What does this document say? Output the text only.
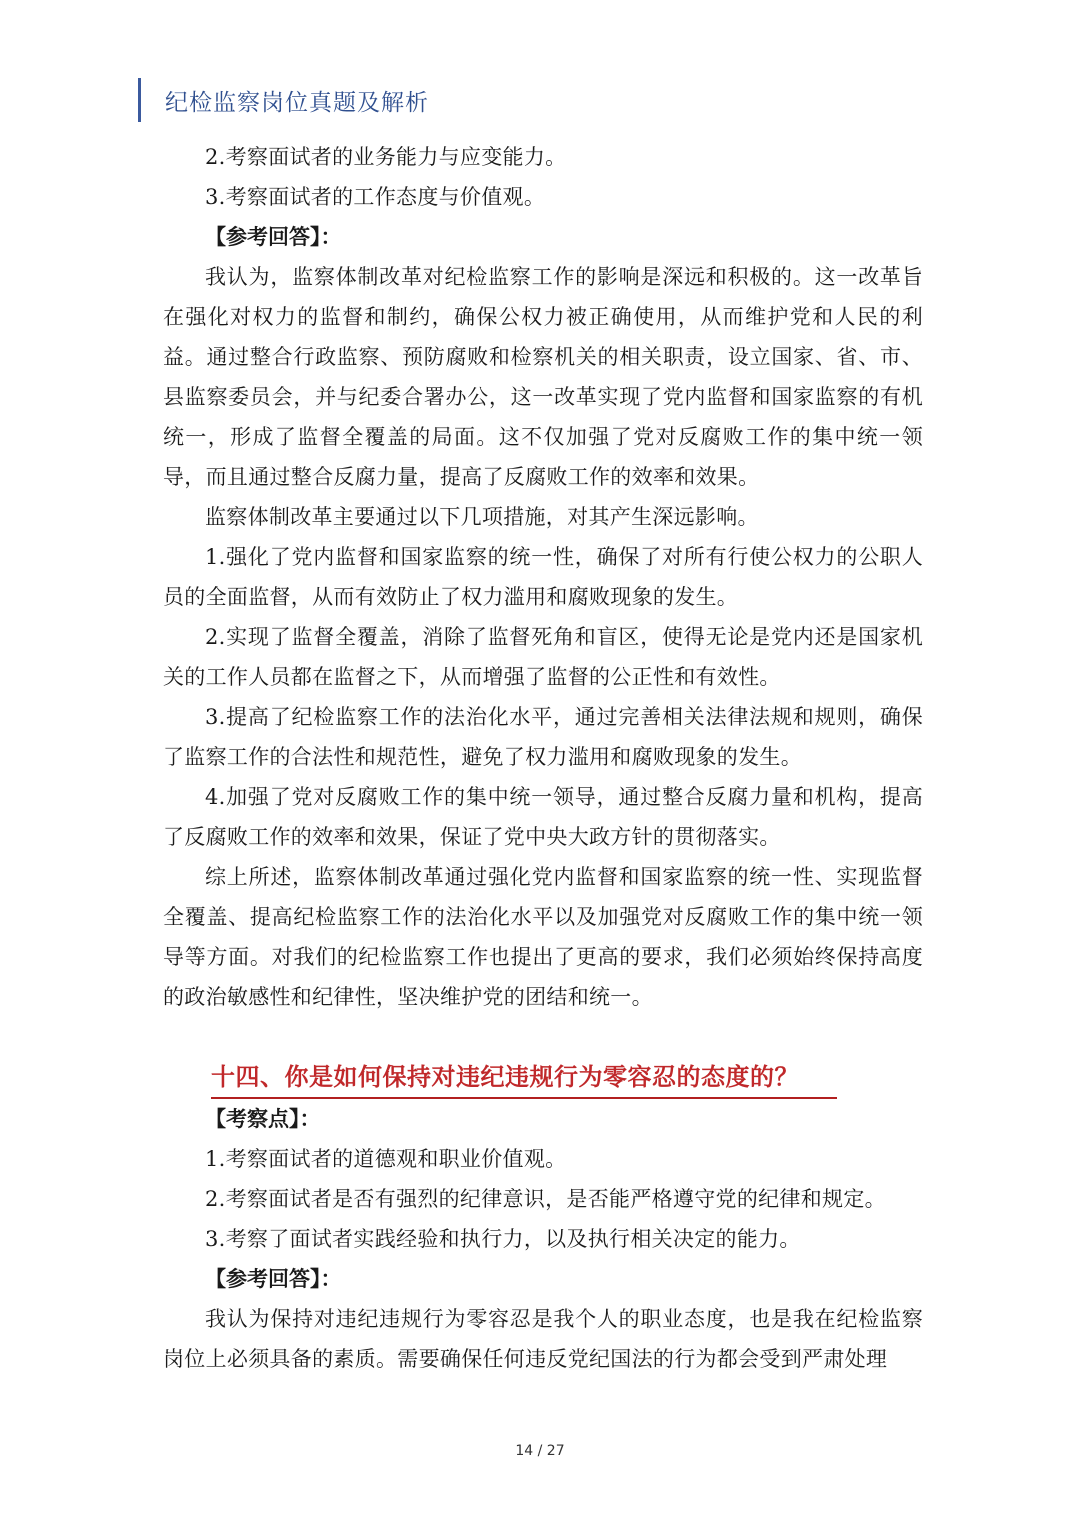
纪检监察岗位真题及解析

2.考察面试者的业务能力与应变能力。

3.考察面试者的工作态度与价值观。

【参考回答】：

我认为，监察体制改革对纪检监察工作的影响是深远和积极的。这一改革旨在强化对权力的监督和制约，确保公权力被正确使用，从而维护党和人民的利益。通过整合行政监察、预防腐败和检察机关的相关职责，设立国家、省、市、县监察委员会，并与纪委合署办公，这一改革实现了党内监督和国家监察的有机统一，形成了监督全覆盖的局面。这不仅加强了党对反腐败工作的集中统一领导，而且通过整合反腐力量，提高了反腐败工作的效率和效果。

监察体制改革主要通过以下几项措施，对其产生深远影响。

1.强化了党内监督和国家监察的统一性，确保了对所有行使公权力的公职人员的全面监督，从而有效防止了权力滥用和腐败现象的发生。

2.实现了监督全覆盖，消除了监督死角和盲区，使得无论是党内还是国家机关的工作人员都在监督之下，从而增强了监督的公正性和有效性。

3.提高了纪检监察工作的法治化水平，通过完善相关法律法规和规则，确保了监察工作的合法性和规范性，避免了权力滥用和腐败现象的发生。

4.加强了党对反腐败工作的集中统一领导，通过整合反腐力量和机构，提高了反腐败工作的效率和效果，保证了党中央大政方针的贯彻落实。

综上所述，监察体制改革通过强化党内监督和国家监察的统一性、实现监督全覆盖、提高纪检监察工作的法治化水平以及加强党对反腐败工作的集中统一领导等方面。对我们的纪检监察工作也提出了更高的要求，我们必须始终保持高度的政治敏感性和纪律性，坚决维护党的团结和统一。

十四、你是如何保持对违纪违规行为零容忍的态度的？

【考察点】：

1.考察面试者的道德观和职业价值观。

2.考察面试者是否有强烈的纪律意识，是否能严格遵守党的纪律和规定。

3.考察了面试者实践经验和执行力，以及执行相关决定的能力。

【参考回答】：

我认为保持对违纪违规行为零容忍是我个人的职业态度，也是我在纪检监察岗位上必须具备的素质。需要确保任何违反党纪国法的行为都会受到严肃处理

14 / 27
